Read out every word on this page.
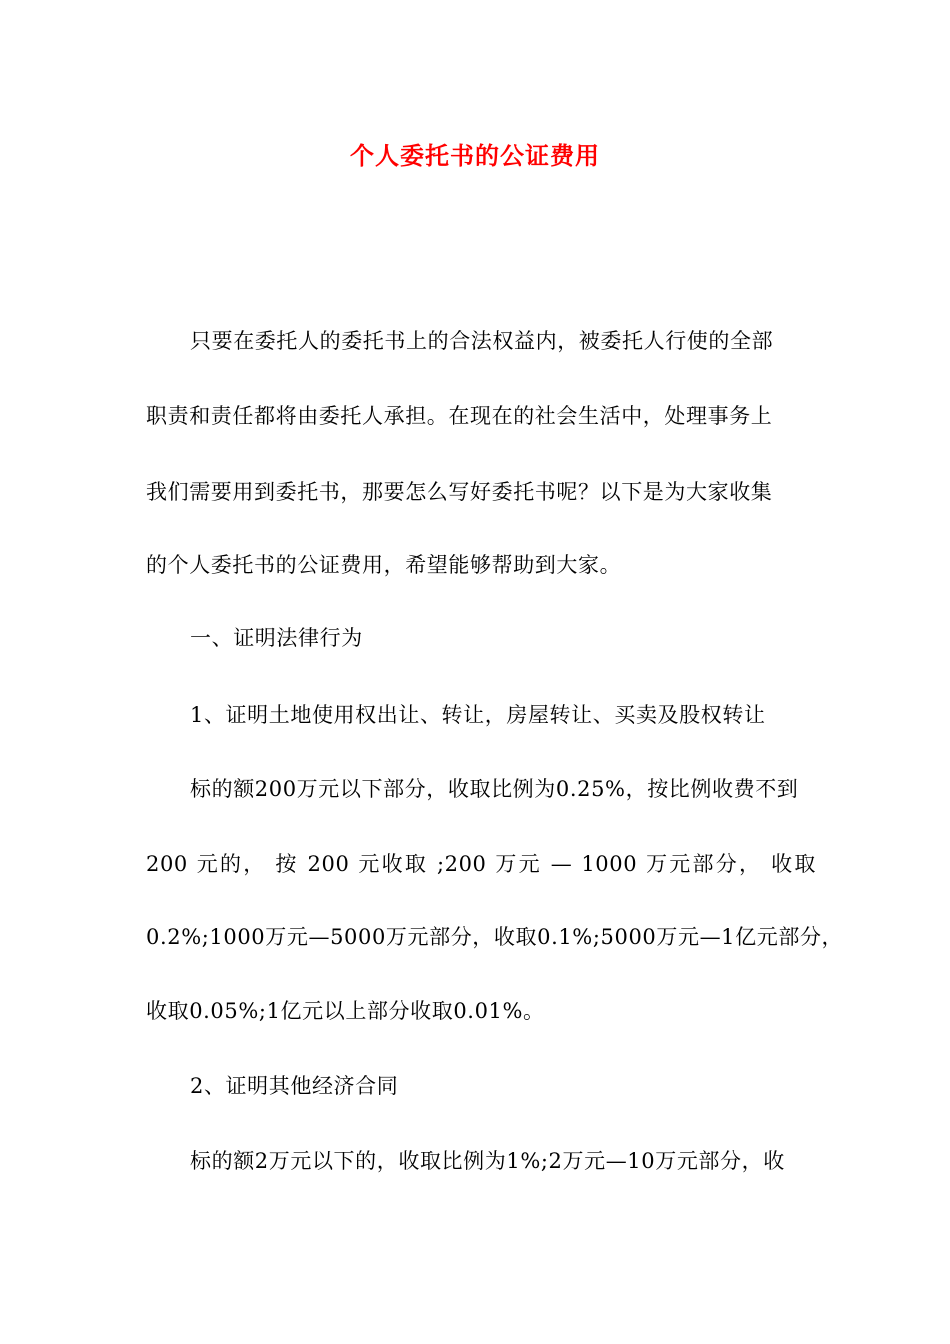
个人委托书的公证费用
只要在委托人的委托书上的合法权益内，被委托人行使的全部
职责和责任都将由委托人承担。在现在的社会生活中，处理事务上
我们需要用到委托书，那要怎么写好委托书呢？以下是为大家收集
的个人委托书的公证费用，希望能够帮助到大家。
一、证明法律行为
1、证明土地使用权出让、转让，房屋转让、买卖及股权转让
标的额200万元以下部分，收取比例为0.25%，按比例收费不到
200 元的， 按 200 元收取 ;200 万元 — 1000 万元部分， 收取
0.2%;1000万元—5000万元部分，收取0.1%;5000万元—1亿元部分，
收取0.05%;1亿元以上部分收取0.01%。
2、证明其他经济合同
标的额2万元以下的，收取比例为1%;2万元—10万元部分，收
